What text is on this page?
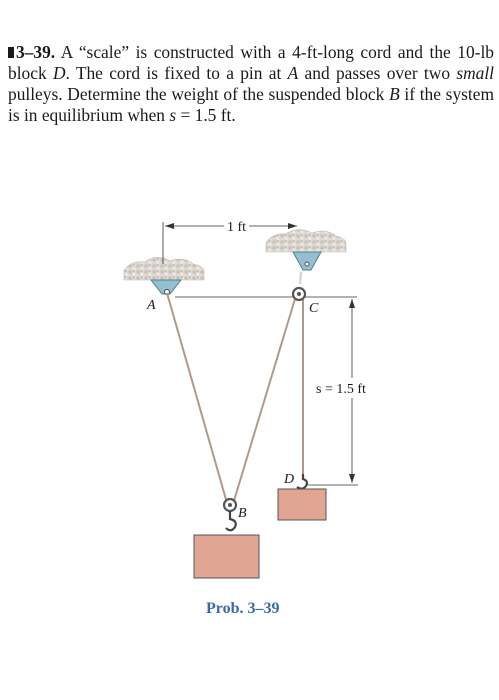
3–39. A “scale” is constructed with a 4-ft-long cord and the 10-lb block D. The cord is fixed to a pin at A and passes over two small pulleys. Determine the weight of the suspended block B if the system is in equilibrium when s = 1.5 ft.
1 ft
s = 1.5 ft
A	C
B
D
Prob. 3–39
